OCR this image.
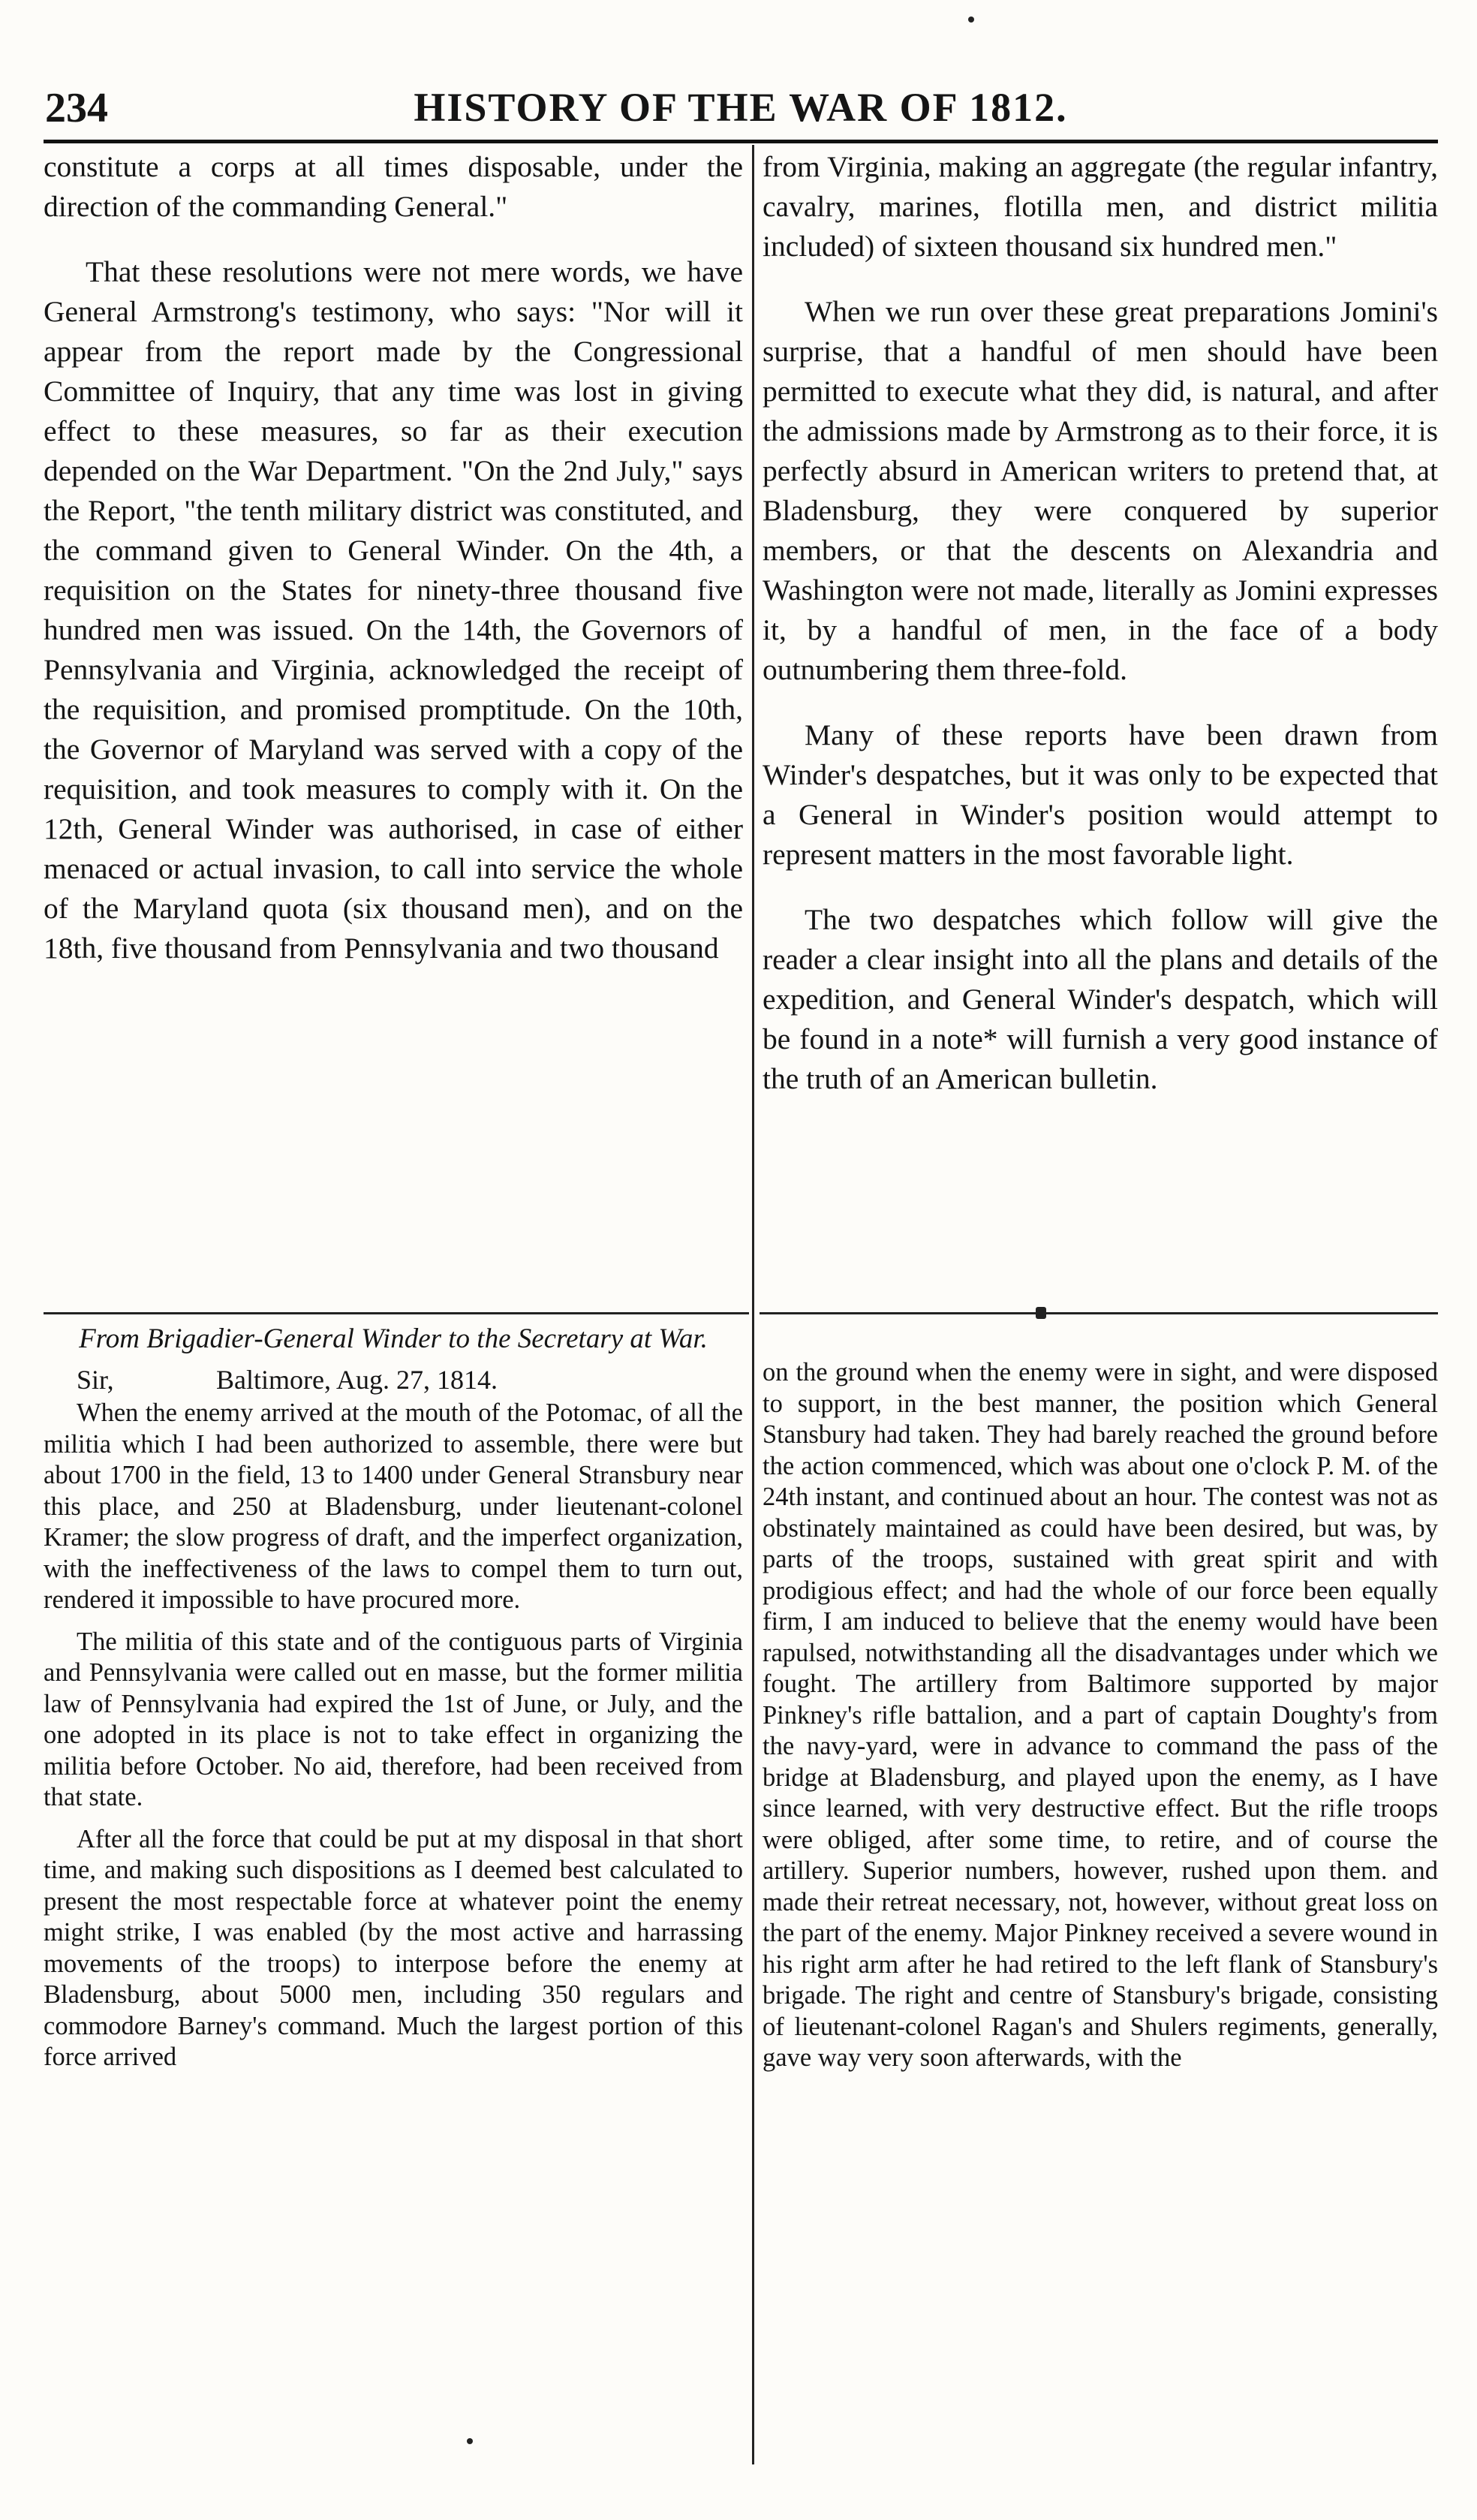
234	HISTORY OF THE WAR OF 1812.

constitute a corps at all times disposable, under the direction of the commanding General."

That these resolutions were not mere words, we have General Armstrong's testimony, who says: "Nor will it appear from the report made by the Congressional Committee of Inquiry, that any time was lost in giving effect to these measures, so far as their execution depended on the War Department. "On the 2nd July," says the Report, "the tenth military district was constituted, and the command given to General Winder. On the 4th, a requisition on the States for ninety-three thousand five hundred men was issued. On the 14th, the Governors of Pennsylvania and Virginia, acknowledged the receipt of the requisition, and promised promptitude. On the 10th, the Governor of Maryland was served with a copy of the requisition, and took measures to comply with it. On the 12th, General Winder was authorised, in case of either menaced or actual invasion, to call into service the whole of the Maryland quota (six thousand men), and on the 18th, five thousand from Pennsylvania and two thousand

from Virginia, making an aggregate (the regular infantry, cavalry, marines, flotilla men, and district militia included) of sixteen thousand six hundred men."

When we run over these great preparations Jomini's surprise, that a handful of men should have been permitted to execute what they did, is natural, and after the admissions made by Armstrong as to their force, it is perfectly absurd in American writers to pretend that, at Bladensburg, they were conquered by superior members, or that the descents on Alexandria and Washington were not made, literally as Jomini expresses it, by a handful of men, in the face of a body outnumbering them three-fold.

Many of these reports have been drawn from Winder's despatches, but it was only to be expected that a General in Winder's position would attempt to represent matters in the most favorable light.

The two despatches which follow will give the reader a clear insight into all the plans and details of the expedition, and General Winder's despatch, which will be found in a note* will furnish a very good instance of the truth of an American bulletin.

From Brigadier-General Winder to the Secretary at War.
Sir,	Baltimore, Aug. 27, 1814.

When the enemy arrived at the mouth of the Potomac, of all the militia which I had been authorized to assemble, there were but about 1700 in the field, 13 to 1400 under General Stransbury near this place, and 250 at Bladensburg, under lieutenant-colonel Kramer; the slow progress of draft, and the imperfect organization, with the ineffectiveness of the laws to compel them to turn out, rendered it impossible to have procured more.

The militia of this state and of the contiguous parts of Virginia and Pennsylvania were called out en masse, but the former militia law of Pennsylvania had expired the 1st of June, or July, and the one adopted in its place is not to take effect in organizing the militia before October. No aid, therefore, had been received from that state.

After all the force that could be put at my disposal in that short time, and making such dispositions as I deemed best calculated to present the most respectable force at whatever point the enemy might strike, I was enabled (by the most active and harrassing movements of the troops) to interpose before the enemy at Bladensburg, about 5000 men, including 350 regulars and commodore Barney's command. Much the largest portion of this force arrived

on the ground when the enemy were in sight, and were disposed to support, in the best manner, the position which General Stansbury had taken. They had barely reached the ground before the action commenced, which was about one o'clock P. M. of the 24th instant, and continued about an hour. The contest was not as obstinately maintained as could have been desired, but was, by parts of the troops, sustained with great spirit and with prodigious effect; and had the whole of our force been equally firm, I am induced to believe that the enemy would have been rapulsed, notwithstanding all the disadvantages under which we fought. The artillery from Baltimore supported by major Pinkney's rifle battalion, and a part of captain Doughty's from the navy-yard, were in advance to command the pass of the bridge at Bladensburg, and played upon the enemy, as I have since learned, with very destructive effect. But the rifle troops were obliged, after some time, to retire, and of course the artillery. Superior numbers, however, rushed upon them. and made their retreat necessary, not, however, without great loss on the part of the enemy. Major Pinkney received a severe wound in his right arm after he had retired to the left flank of Stansbury's brigade. The right and centre of Stansbury's brigade, consisting of lieutenant-colonel Ragan's and Shulers regiments, generally, gave way very soon afterwards, with the
